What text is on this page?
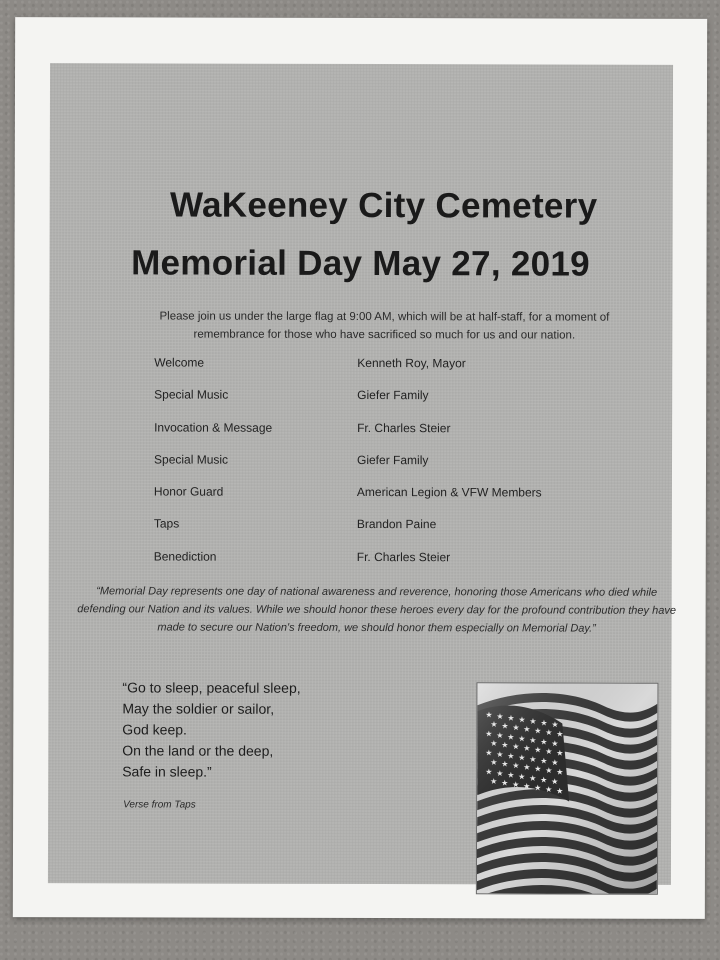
WaKeeney City Cemetery
Memorial Day May 27, 2019
Please join us under the large flag at 9:00 AM, which will be at half-staff, for a moment of remembrance for those who have sacrificed so much for us and our nation.
Welcome	Kenneth Roy, Mayor
Special Music	Giefer Family
Invocation & Message	Fr. Charles Steier
Special Music	Giefer Family
Honor Guard	American Legion & VFW Members
Taps	Brandon Paine
Benediction	Fr. Charles Steier
“Memorial Day represents one day of national awareness and reverence, honoring those Americans who died while defending our Nation and its values. While we should honor these heroes every day for the profound contribution they have made to secure our Nation's freedom, we should honor them especially on Memorial Day.”
“Go to sleep, peaceful sleep,
May the soldier or sailor,
God keep.
On the land or the deep,
Safe in sleep.”
Verse from Taps
